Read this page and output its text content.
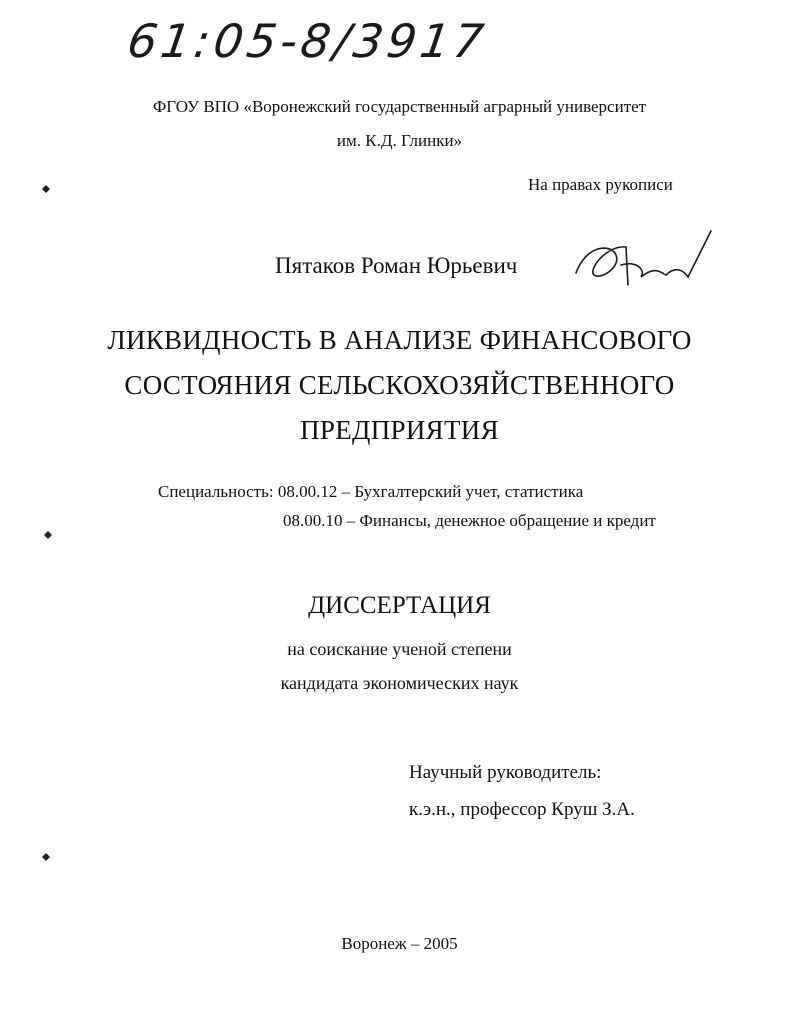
61:05-8/3917
ФГОУ ВПО «Воронежский государственный аграрный университет
им. К.Д. Глинки»
На правах рукописи
Пятаков Роман Юрьевич
ЛИКВИДНОСТЬ В АНАЛИЗЕ ФИНАНСОВОГО
СОСТОЯНИЯ СЕЛЬСКОХОЗЯЙСТВЕННОГО
ПРЕДПРИЯТИЯ
Специальность: 08.00.12 – Бухгалтерский учет, статистика
08.00.10 – Финансы, денежное обращение и кредит
ДИССЕРТАЦИЯ
на соискание ученой степени
кандидата экономических наук
Научный руководитель:
к.э.н., профессор Круш З.А.
Воронеж – 2005
